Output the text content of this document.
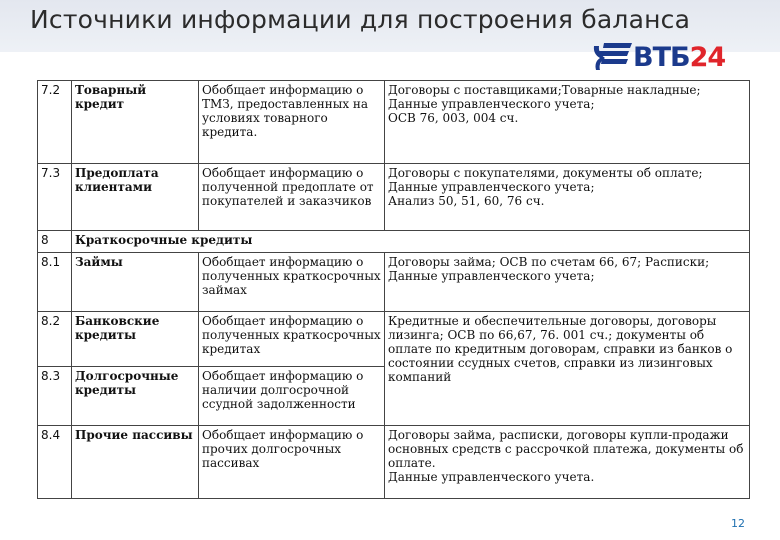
Источники информации для построения баланса
ВТБ24
7.2	Товарный кредит	Обобщает информацию о ТМЗ, предоставленных на условиях товарного кредита.	Договоры с поставщиками;Товарные накладные;
Данные управленческого учета;
ОСВ 76, 003, 004 сч.
7.3	Предоплата клиентами	Обобщает информацию о полученной предоплате от покупателей и заказчиков	Договоры с покупателями, документы об оплате;
Данные управленческого учета;
Анализ 50, 51, 60, 76 сч.
8	Краткосрочные кредиты		
8.1	Займы	Обобщает информацию о полученных краткосрочных займах	Договоры займа; ОСВ по счетам 66, 67; Расписки;
Данные управленческого учета;
8.2	Банковские кредиты	Обобщает информацию о полученных краткосрочных кредитах	Кредитные и обеспечительные договоры, договоры лизинга; ОСВ по 66,67, 76. 001 сч.; документы об оплате по кредитным договорам, справки из банков о состоянии ссудных счетов, справки из лизинговых компаний
8.3	Долгосрочные кредиты	Обобщает информацию о наличии долгосрочной ссудной задолженности	
8.4	Прочие пассивы	Обобщает информацию о прочих долгосрочных пассивах	Договоры займа, расписки, договоры купли-продажи основных средств с рассрочкой платежа, документы об оплате.
Данные управленческого учета.
12
